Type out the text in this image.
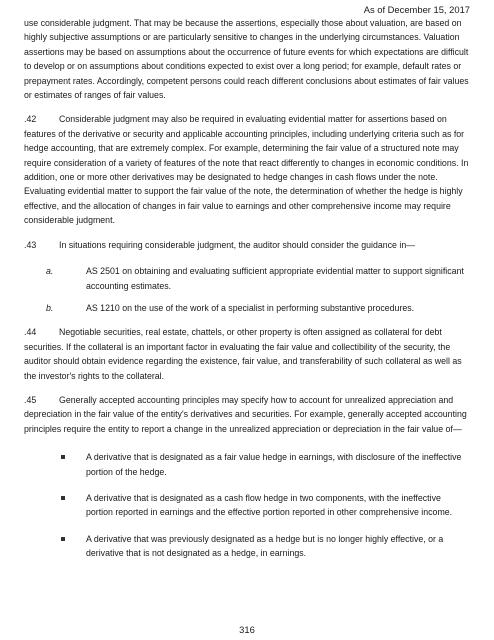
As of December 15, 2017

use considerable judgment. That may be because the assertions, especially those about valuation, are based on highly subjective assumptions or are particularly sensitive to changes in the underlying circumstances. Valuation assertions may be based on assumptions about the occurrence of future events for which expectations are difficult to develop or on assumptions about conditions expected to exist over a long period; for example, default rates or prepayment rates. Accordingly, competent persons could reach different conclusions about estimates of fair values or estimates of ranges of fair values.

.42	Considerable judgment may also be required in evaluating evidential matter for assertions based on features of the derivative or security and applicable accounting principles, including underlying criteria such as for hedge accounting, that are extremely complex. For example, determining the fair value of a structured note may require consideration of a variety of features of the note that react differently to changes in economic conditions. In addition, one or more other derivatives may be designated to hedge changes in cash flows under the note. Evaluating evidential matter to support the fair value of the note, the determination of whether the hedge is highly effective, and the allocation of changes in fair value to earnings and other comprehensive income may require considerable judgment.

.43	In situations requiring considerable judgment, the auditor should consider the guidance in—

a.	AS 2501 on obtaining and evaluating sufficient appropriate evidential matter to support significant accounting estimates.
b.	AS 1210 on the use of the work of a specialist in performing substantive procedures.

.44	Negotiable securities, real estate, chattels, or other property is often assigned as collateral for debt securities. If the collateral is an important factor in evaluating the fair value and collectibility of the security, the auditor should obtain evidence regarding the existence, fair value, and transferability of such collateral as well as the investor's rights to the collateral.

.45	Generally accepted accounting principles may specify how to account for unrealized appreciation and depreciation in the fair value of the entity's derivatives and securities. For example, generally accepted accounting principles require the entity to report a change in the unrealized appreciation or depreciation in the fair value of—

A derivative that is designated as a fair value hedge in earnings, with disclosure of the ineffective portion of the hedge.
A derivative that is designated as a cash flow hedge in two components, with the ineffective portion reported in earnings and the effective portion reported in other comprehensive income.
A derivative that was previously designated as a hedge but is no longer highly effective, or a derivative that is not designated as a hedge, in earnings.
316
